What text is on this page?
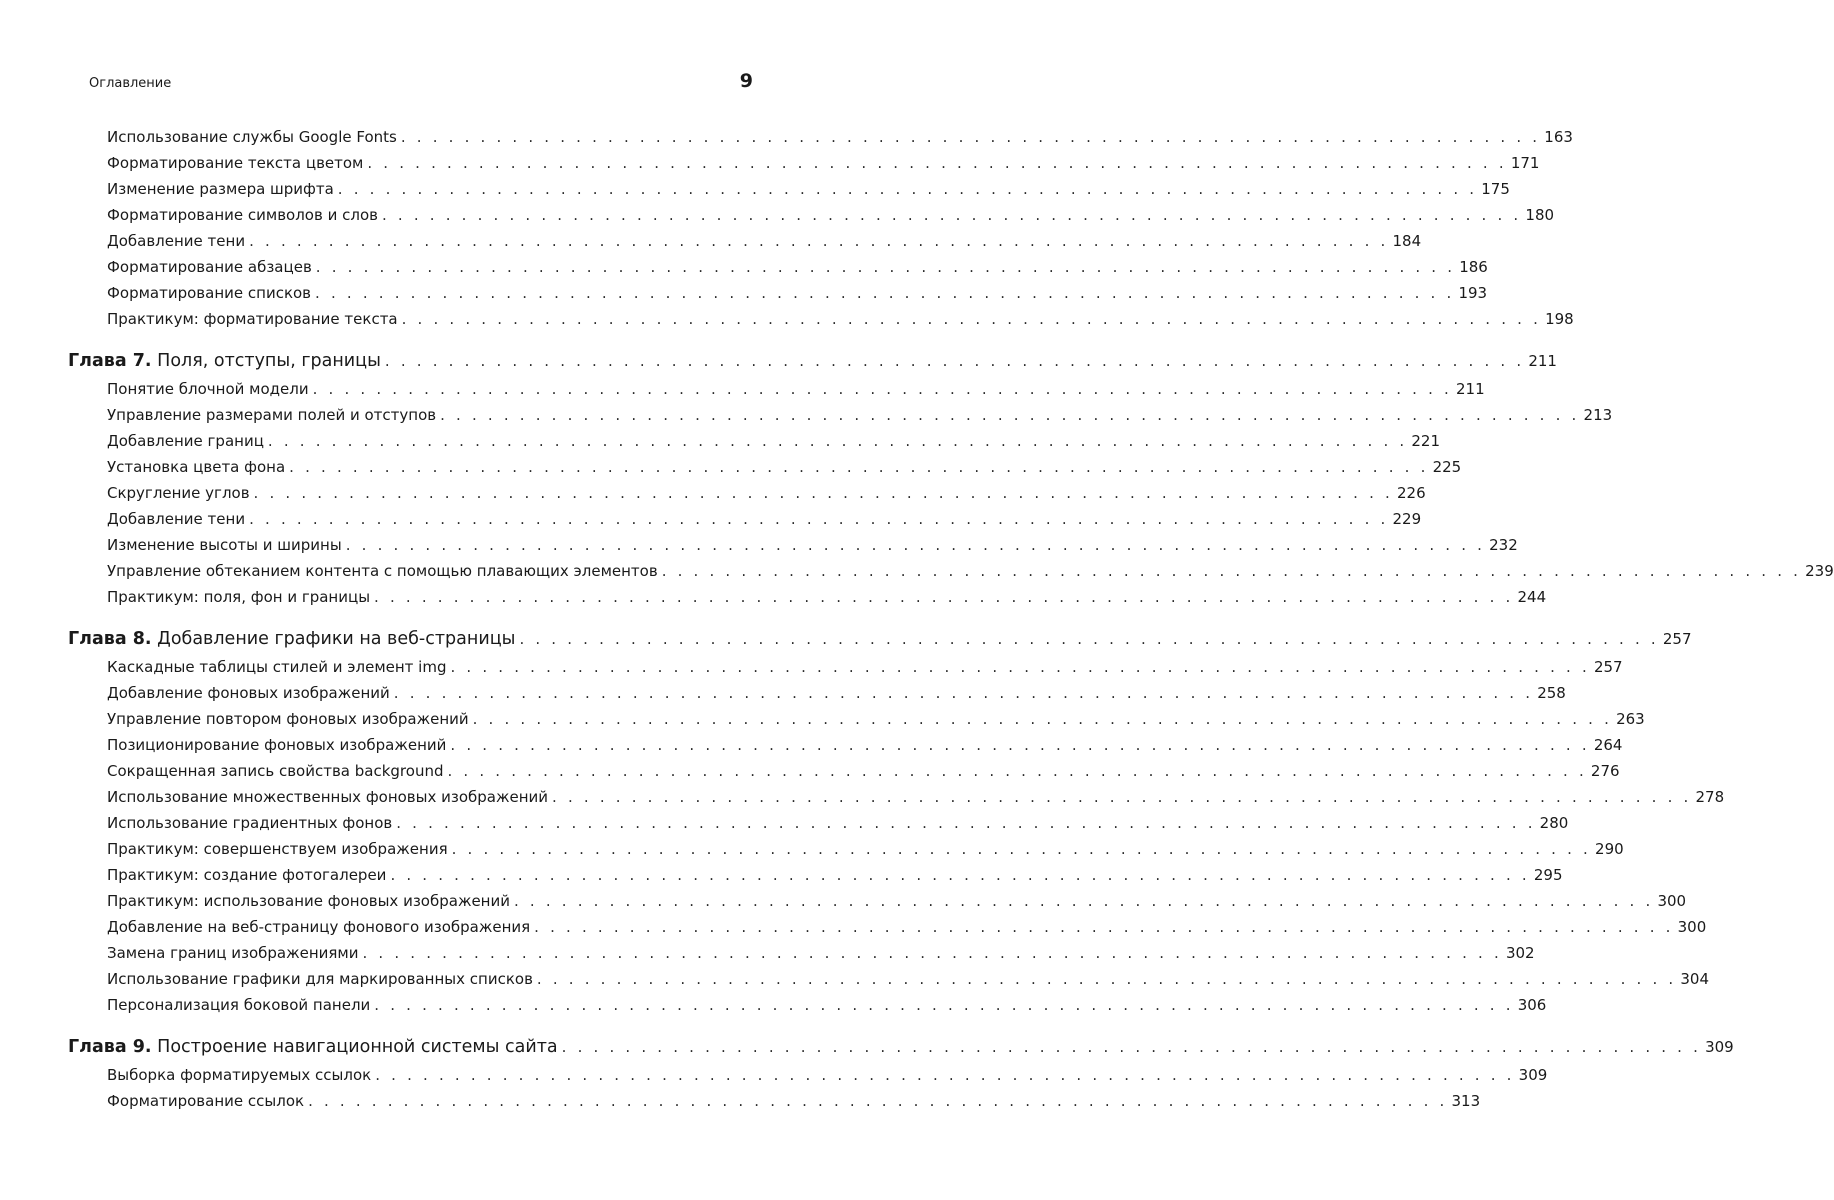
Оглавление	9
Использование службы Google Fonts . . . . . . . . . . . . . . . . . . . . . . . . . . . . . . . . . . . . . . . . . . . . . . . . . . . . . . . . . . . . . . . . . . . . . . . . 163
Форматирование текста цветом . . . . . . . . . . . . . . . . . . . . . . . . . . . . . . . . . . . . . . . . . . . . . . . . . . . . . . . . . . . . . . . . . . . . . . . . 171
Изменение размера шрифта . . . . . . . . . . . . . . . . . . . . . . . . . . . . . . . . . . . . . . . . . . . . . . . . . . . . . . . . . . . . . . . . . . . . . . . . 175
Форматирование символов и слов . . . . . . . . . . . . . . . . . . . . . . . . . . . . . . . . . . . . . . . . . . . . . . . . . . . . . . . . . . . . . . . . . . . . . . . . 180
Добавление тени . . . . . . . . . . . . . . . . . . . . . . . . . . . . . . . . . . . . . . . . . . . . . . . . . . . . . . . . . . . . . . . . . . . . . . . . 184
Форматирование абзацев . . . . . . . . . . . . . . . . . . . . . . . . . . . . . . . . . . . . . . . . . . . . . . . . . . . . . . . . . . . . . . . . . . . . . . . . 186
Форматирование списков . . . . . . . . . . . . . . . . . . . . . . . . . . . . . . . . . . . . . . . . . . . . . . . . . . . . . . . . . . . . . . . . . . . . . . . . 193
Практикум: форматирование текста . . . . . . . . . . . . . . . . . . . . . . . . . . . . . . . . . . . . . . . . . . . . . . . . . . . . . . . . . . . . . . . . . . . . . . . . 198
Глава 7. Поля, отступы, границы . . . . . . . . . . . . . . . . . . . . . . . . . . . . . . . . . . . . . . . . . . . . . . . . . . . . . . . . . . . . . . . . . . . . . . . . 211
Понятие блочной модели . . . . . . . . . . . . . . . . . . . . . . . . . . . . . . . . . . . . . . . . . . . . . . . . . . . . . . . . . . . . . . . . . . . . . . . . 211
Управление размерами полей и отступов . . . . . . . . . . . . . . . . . . . . . . . . . . . . . . . . . . . . . . . . . . . . . . . . . . . . . . . . . . . . . . . . . . . . . . . . 213
Добавление границ . . . . . . . . . . . . . . . . . . . . . . . . . . . . . . . . . . . . . . . . . . . . . . . . . . . . . . . . . . . . . . . . . . . . . . . . 221
Установка цвета фона . . . . . . . . . . . . . . . . . . . . . . . . . . . . . . . . . . . . . . . . . . . . . . . . . . . . . . . . . . . . . . . . . . . . . . . . 225
Скругление углов . . . . . . . . . . . . . . . . . . . . . . . . . . . . . . . . . . . . . . . . . . . . . . . . . . . . . . . . . . . . . . . . . . . . . . . . 226
Добавление тени . . . . . . . . . . . . . . . . . . . . . . . . . . . . . . . . . . . . . . . . . . . . . . . . . . . . . . . . . . . . . . . . . . . . . . . . 229
Изменение высоты и ширины . . . . . . . . . . . . . . . . . . . . . . . . . . . . . . . . . . . . . . . . . . . . . . . . . . . . . . . . . . . . . . . . . . . . . . . . 232
Управление обтеканием контента с помощью плавающих элементов . . . . . . . . . . . . . . . . . . . . . . . . . . . . . . . . . . . . . . . . . . . . . . . . . . . . . . . . . . . . . . . . . . . . . . . . 239
Практикум: поля, фон и границы . . . . . . . . . . . . . . . . . . . . . . . . . . . . . . . . . . . . . . . . . . . . . . . . . . . . . . . . . . . . . . . . . . . . . . . . 244
Глава 8. Добавление графики на веб-страницы . . . . . . . . . . . . . . . . . . . . . . . . . . . . . . . . . . . . . . . . . . . . . . . . . . . . . . . . . . . . . . . . . . . . . . . . 257
Каскадные таблицы стилей и элемент img . . . . . . . . . . . . . . . . . . . . . . . . . . . . . . . . . . . . . . . . . . . . . . . . . . . . . . . . . . . . . . . . . . . . . . . . 257
Добавление фоновых изображений . . . . . . . . . . . . . . . . . . . . . . . . . . . . . . . . . . . . . . . . . . . . . . . . . . . . . . . . . . . . . . . . . . . . . . . . 258
Управление повтором фоновых изображений . . . . . . . . . . . . . . . . . . . . . . . . . . . . . . . . . . . . . . . . . . . . . . . . . . . . . . . . . . . . . . . . . . . . . . . . 263
Позиционирование фоновых изображений . . . . . . . . . . . . . . . . . . . . . . . . . . . . . . . . . . . . . . . . . . . . . . . . . . . . . . . . . . . . . . . . . . . . . . . . 264
Сокращенная запись свойства background . . . . . . . . . . . . . . . . . . . . . . . . . . . . . . . . . . . . . . . . . . . . . . . . . . . . . . . . . . . . . . . . . . . . . . . . 276
Использование множественных фоновых изображений . . . . . . . . . . . . . . . . . . . . . . . . . . . . . . . . . . . . . . . . . . . . . . . . . . . . . . . . . . . . . . . . . . . . . . . . 278
Использование градиентных фонов . . . . . . . . . . . . . . . . . . . . . . . . . . . . . . . . . . . . . . . . . . . . . . . . . . . . . . . . . . . . . . . . . . . . . . . . 280
Практикум: совершенствуем изображения . . . . . . . . . . . . . . . . . . . . . . . . . . . . . . . . . . . . . . . . . . . . . . . . . . . . . . . . . . . . . . . . . . . . . . . . 290
Практикум: создание фотогалереи . . . . . . . . . . . . . . . . . . . . . . . . . . . . . . . . . . . . . . . . . . . . . . . . . . . . . . . . . . . . . . . . . . . . . . . . 295
Практикум: использование фоновых изображений . . . . . . . . . . . . . . . . . . . . . . . . . . . . . . . . . . . . . . . . . . . . . . . . . . . . . . . . . . . . . . . . . . . . . . . . 300
Добавление на веб-страницу фонового изображения . . . . . . . . . . . . . . . . . . . . . . . . . . . . . . . . . . . . . . . . . . . . . . . . . . . . . . . . . . . . . . . . . . . . . . . . 300
Замена границ изображениями . . . . . . . . . . . . . . . . . . . . . . . . . . . . . . . . . . . . . . . . . . . . . . . . . . . . . . . . . . . . . . . . . . . . . . . . 302
Использование графики для маркированных списков . . . . . . . . . . . . . . . . . . . . . . . . . . . . . . . . . . . . . . . . . . . . . . . . . . . . . . . . . . . . . . . . . . . . . . . . 304
Персонализация боковой панели . . . . . . . . . . . . . . . . . . . . . . . . . . . . . . . . . . . . . . . . . . . . . . . . . . . . . . . . . . . . . . . . . . . . . . . . 306
Глава 9. Построение навигационной системы сайта . . . . . . . . . . . . . . . . . . . . . . . . . . . . . . . . . . . . . . . . . . . . . . . . . . . . . . . . . . . . . . . . . . . . . . . . 309
Выборка форматируемых ссылок . . . . . . . . . . . . . . . . . . . . . . . . . . . . . . . . . . . . . . . . . . . . . . . . . . . . . . . . . . . . . . . . . . . . . . . . 309
Форматирование ссылок . . . . . . . . . . . . . . . . . . . . . . . . . . . . . . . . . . . . . . . . . . . . . . . . . . . . . . . . . . . . . . . . . . . . . . . . 313
